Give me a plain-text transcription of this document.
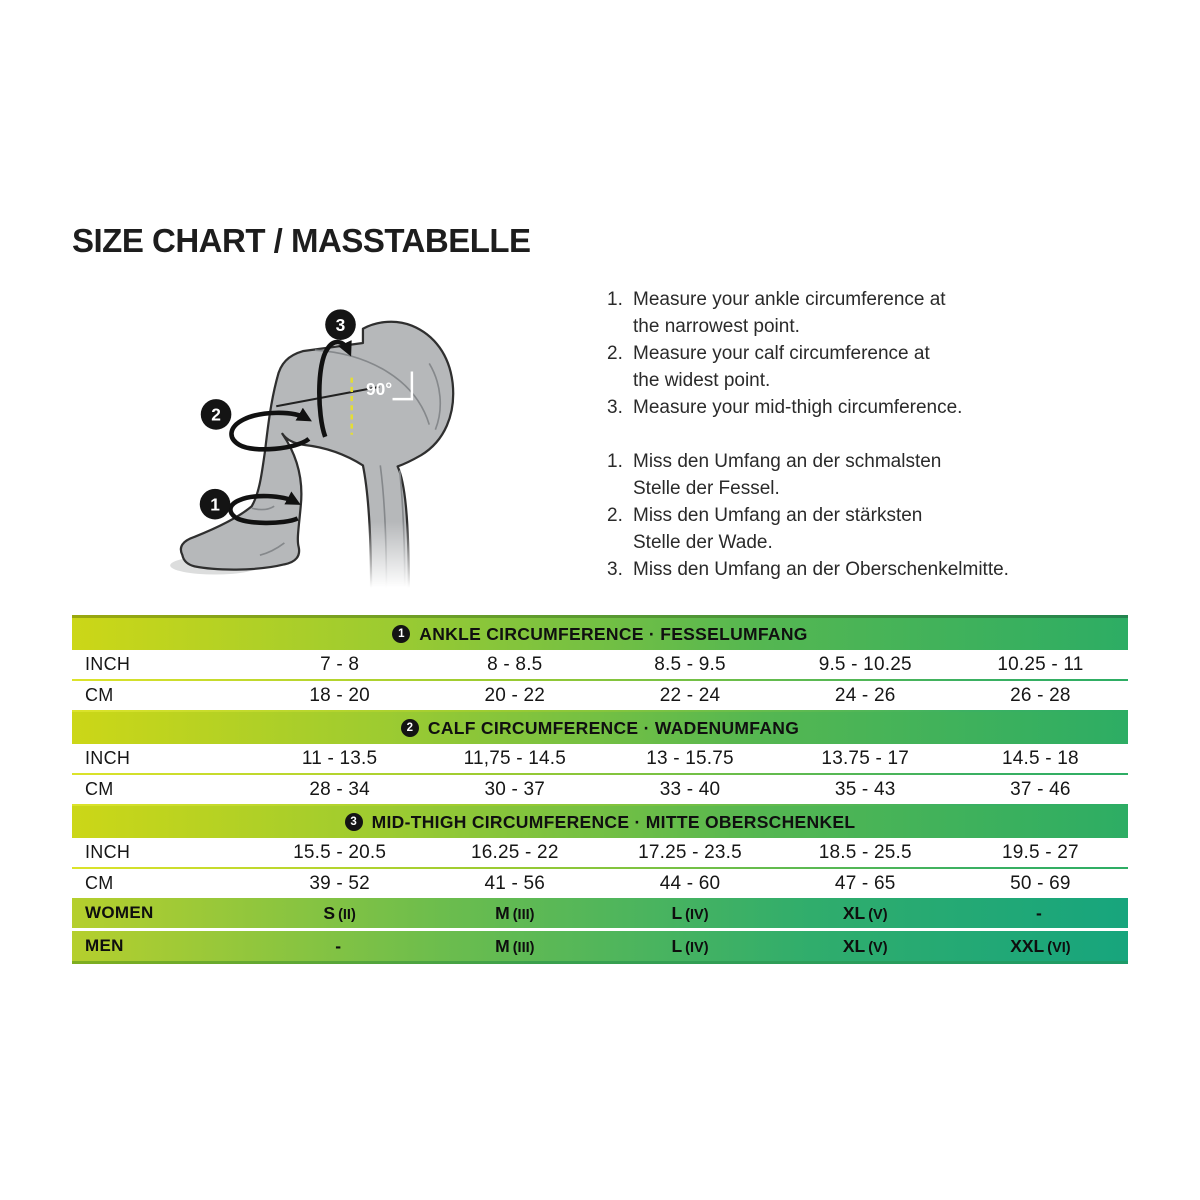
SIZE CHART / MASSTABELLE
90°
1
2
3
1. Measure your ankle circumference at
the narrowest point.
2. Measure your calf circumference at
the widest point.
3. Measure your mid-thigh circumference.
1. Miss den Umfang an der schmalsten
Stelle der Fessel.
2. Miss den Umfang an der stärksten
Stelle der Wade.
3. Miss den Umfang an der Oberschenkelmitte.
1 ANKLE CIRCUMFERENCE · FESSELUMFANG
INCH	7 - 8	8 - 8.5	8.5 - 9.5	9.5 - 10.25	10.25 - 11
CM	18 - 20	20 - 22	22 - 24	24 - 26	26 - 28
2 CALF CIRCUMFERENCE · WADENUMFANG
INCH	11 - 13.5	11,75 - 14.5	13 - 15.75	13.75 - 17	14.5 - 18
CM	28 - 34	30 - 37	33 - 40	35 - 43	37 - 46
3 MID-THIGH CIRCUMFERENCE · MITTE OBERSCHENKEL
INCH	15.5 - 20.5	16.25 - 22	17.25 - 23.5	18.5 - 25.5	19.5 - 27
CM	39 - 52	41 - 56	44 - 60	47 - 65	50 - 69
WOMEN	S (II)	M (III)	L (IV)	XL (V)	-
MEN	-	M (III)	L (IV)	XL (V)	XXL (VI)
